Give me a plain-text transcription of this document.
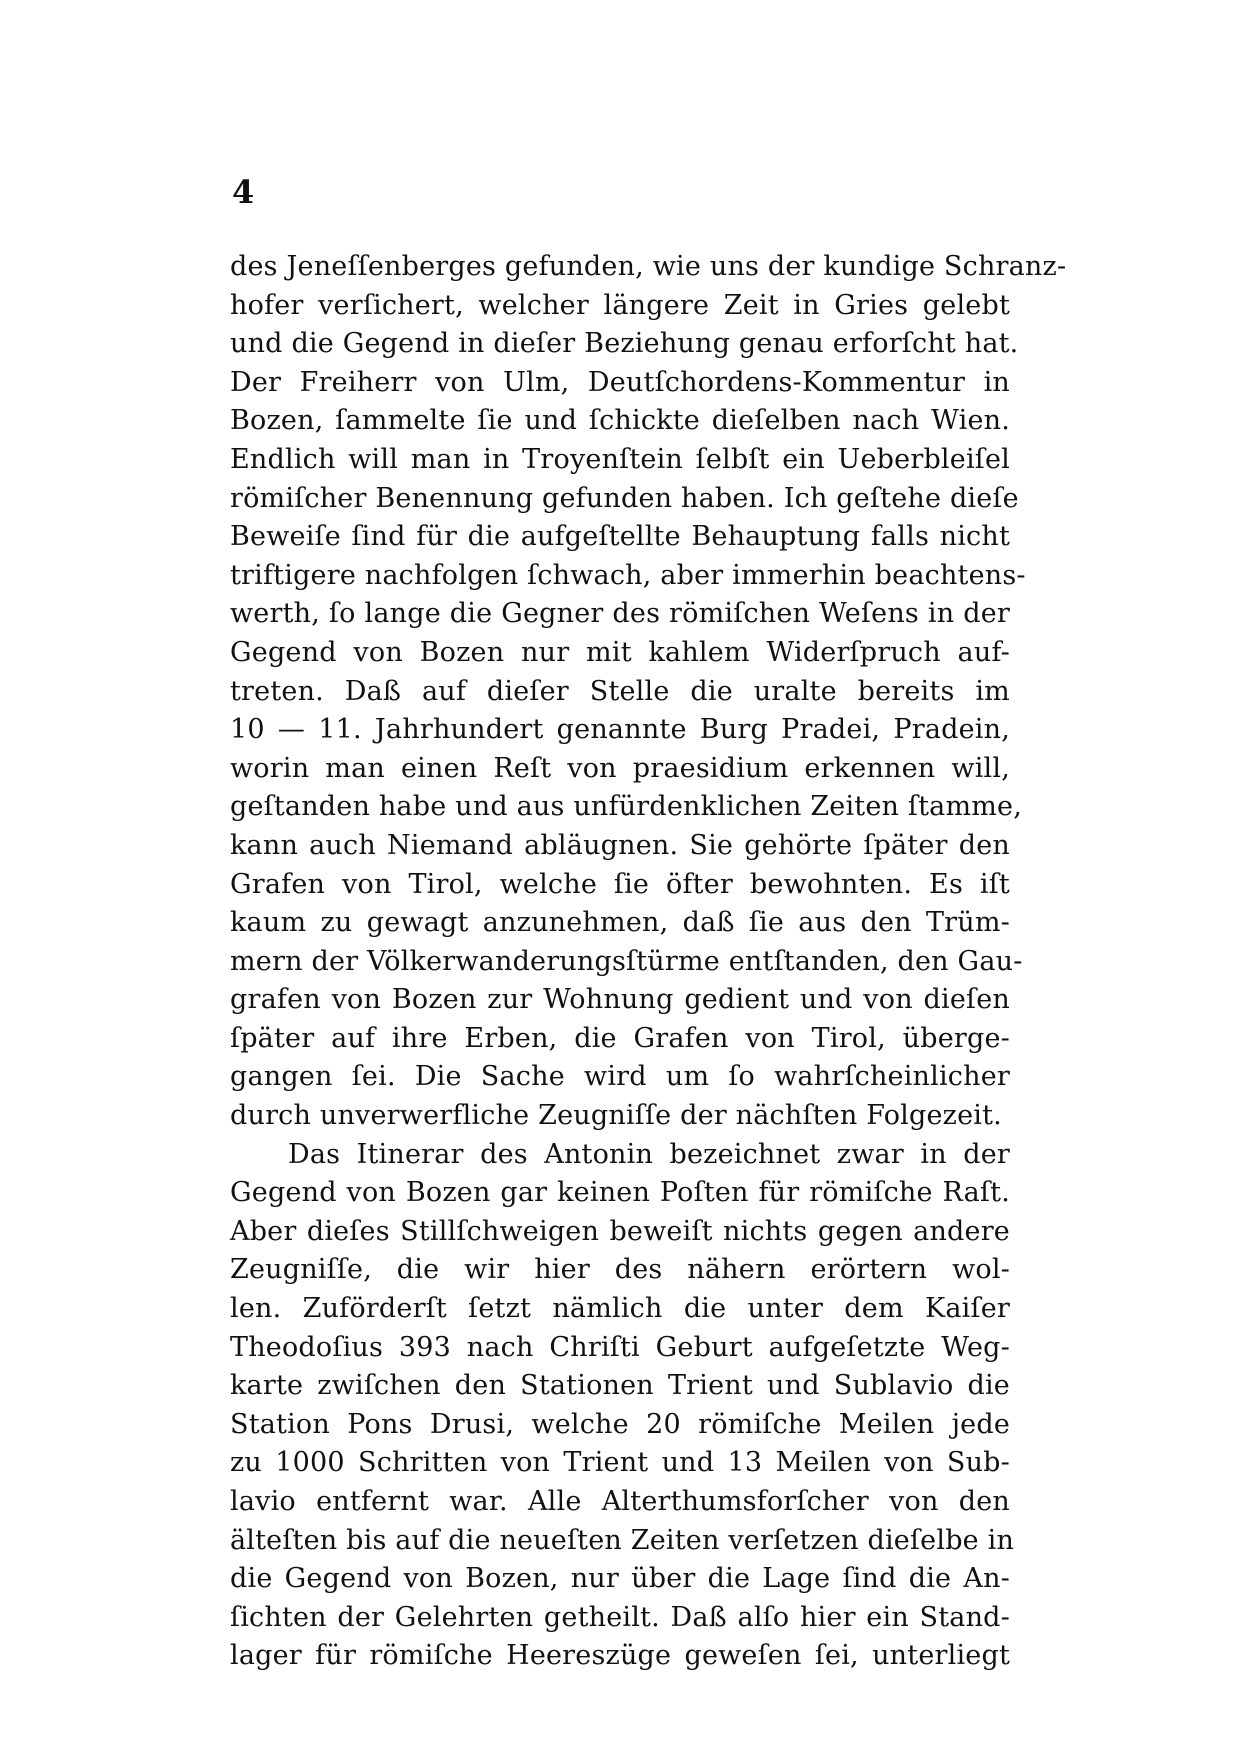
4
des Jeneſſenberges gefunden, wie uns der kundige Schranz-
hofer verſichert, welcher längere Zeit in Gries gelebt
und die Gegend in dieſer Beziehung genau erforſcht hat.
Der Freiherr von Ulm, Deutſchordens-Kommentur in
Bozen, ſammelte ſie und ſchickte dieſelben nach Wien.
Endlich will man in Troyenſtein ſelbſt ein Ueberbleiſel
römiſcher Benennung gefunden haben. Ich geſtehe dieſe
Beweiſe ſind für die aufgeſtellte Behauptung falls nicht
triftigere nachfolgen ſchwach, aber immerhin beachtens-
werth, ſo lange die Gegner des römiſchen Weſens in der
Gegend von Bozen nur mit kahlem Widerſpruch auf-
treten. Daß auf dieſer Stelle die uralte bereits im
10 — 11. Jahrhundert genannte Burg Pradei, Pradein,
worin man einen Reſt von praesidium erkennen will,
geſtanden habe und aus unfürdenklichen Zeiten ſtamme,
kann auch Niemand abläugnen. Sie gehörte ſpäter den
Grafen von Tirol, welche ſie öfter bewohnten. Es iſt
kaum zu gewagt anzunehmen, daß ſie aus den Trüm-
mern der Völkerwanderungsſtürme entſtanden, den Gau-
grafen von Bozen zur Wohnung gedient und von dieſen
ſpäter auf ihre Erben, die Grafen von Tirol, überge-
gangen ſei. Die Sache wird um ſo wahrſcheinlicher
durch unverwerfliche Zeugniſſe der nächſten Folgezeit.
Das Itinerar des Antonin bezeichnet zwar in der
Gegend von Bozen gar keinen Poſten für römiſche Raſt.
Aber dieſes Stillſchweigen beweiſt nichts gegen andere
Zeugniſſe, die wir hier des nähern erörtern wol-
len. Zuförderſt ſetzt nämlich die unter dem Kaiſer
Theodoſius 393 nach Chriſti Geburt aufgeſetzte Weg-
karte zwiſchen den Stationen Trient und Sublavio die
Station Pons Drusi, welche 20 römiſche Meilen jede
zu 1000 Schritten von Trient und 13 Meilen von Sub-
lavio entfernt war. Alle Alterthumsforſcher von den
älteſten bis auf die neueſten Zeiten verſetzen dieſelbe in
die Gegend von Bozen, nur über die Lage ſind die An-
ſichten der Gelehrten getheilt. Daß alſo hier ein Stand-
lager für römiſche Heereszüge geweſen ſei, unterliegt
